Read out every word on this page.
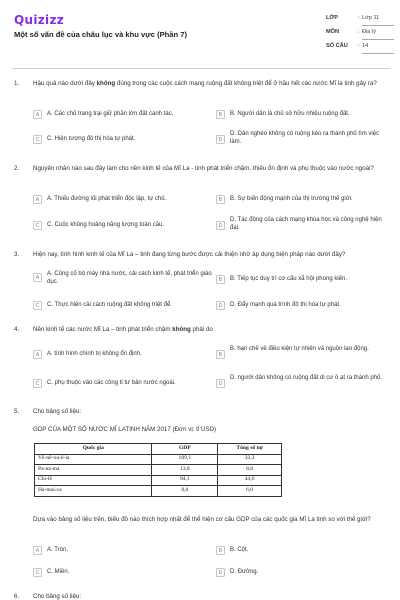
Quizizz
Một số vấn đề của châu lục và khu vực (Phần 7)
LỚP	: Lớp 11
MÔN	: Địa lý
SỐ CÂU	: 14
1. Hậu quả nào dưới đây không đúng trong các cuộc cách mạng ruộng đất không triệt để ở hầu hết các nước Mĩ la tinh gây ra?
A	A. Các chủ trang trại giữ phần lớn đất canh tác.	B	B. Người dân là chủ sở hữu nhiều ruộng đất.
C	C. Hiện tượng đô thị hóa tự phát.	D
D. Dân nghèo không có ruộng kéo ra thành phố tìm việc làm.
2. Nguyên nhân nào sau đây làm cho nền kinh tế của Mĩ La - tinh phát triển chậm, thiếu ổn định và phụ thuộc vào nước ngoài?
A	A. Thiếu đường lối phát triển độc lập, tự chủ.	B	B. Sự biến động mạnh của thị trường thế giới.
C	C. Cuộc khủng hoảng năng lượng toàn cầu.	D
D. Tác động của cách mạng khoa học và công nghệ hiện đại.
3. Hiện nay, tình hình kinh tế của Mĩ La – tinh đang từng bước được cải thiện nhờ áp dụng biện pháp nào dưới đây?
A
A. Củng cố bộ máy nhà nước, cải cách kinh tế, phát triển giáo dục.	B	B. Tiếp tục duy trì cơ cấu xã hội phong kiến.
C	C. Thực hiện cải cách ruộng đất không triệt để.	D	D. Đẩy mạnh quá trình đô thị hóa tự phát.
4. Nền kinh tế các nước Mĩ La – tinh phát triển chậm không phải do
A	A. tình hình chính trị không ổn định.	B
B. hạn chế về điều kiện tự nhiên và nguồn lao động.
C	C. phụ thuộc vào các công ti tư bản nước ngoài.	D
D. người dân không có ruộng đất di cư ồ ạt ra thành phố.
5. Cho bảng số liệu:
GDP CỦA MỘT SỐ NƯỚC MĨ LATINH NĂM 2017 (Đơn vị: tỉ USD)
Quốc gia	GDP	Tổng số nợ
Vê-nê-xu-ê-la	109,1	33,3
Pa-na-ma	13,8	8,8
Chi-lê	94,1	44,6
Ha-mai-ca	8,0	6,0
Dựa vào bảng số liệu trên, biểu đồ nào thích hợp nhất để thể hiện cơ cấu GDP của các quốc gia Mĩ La tinh so với thế giới?
A	A. Tròn.	B	B. Cột.
C	C. Miền.	D	D. Đường.
6. Cho bảng số liệu:
